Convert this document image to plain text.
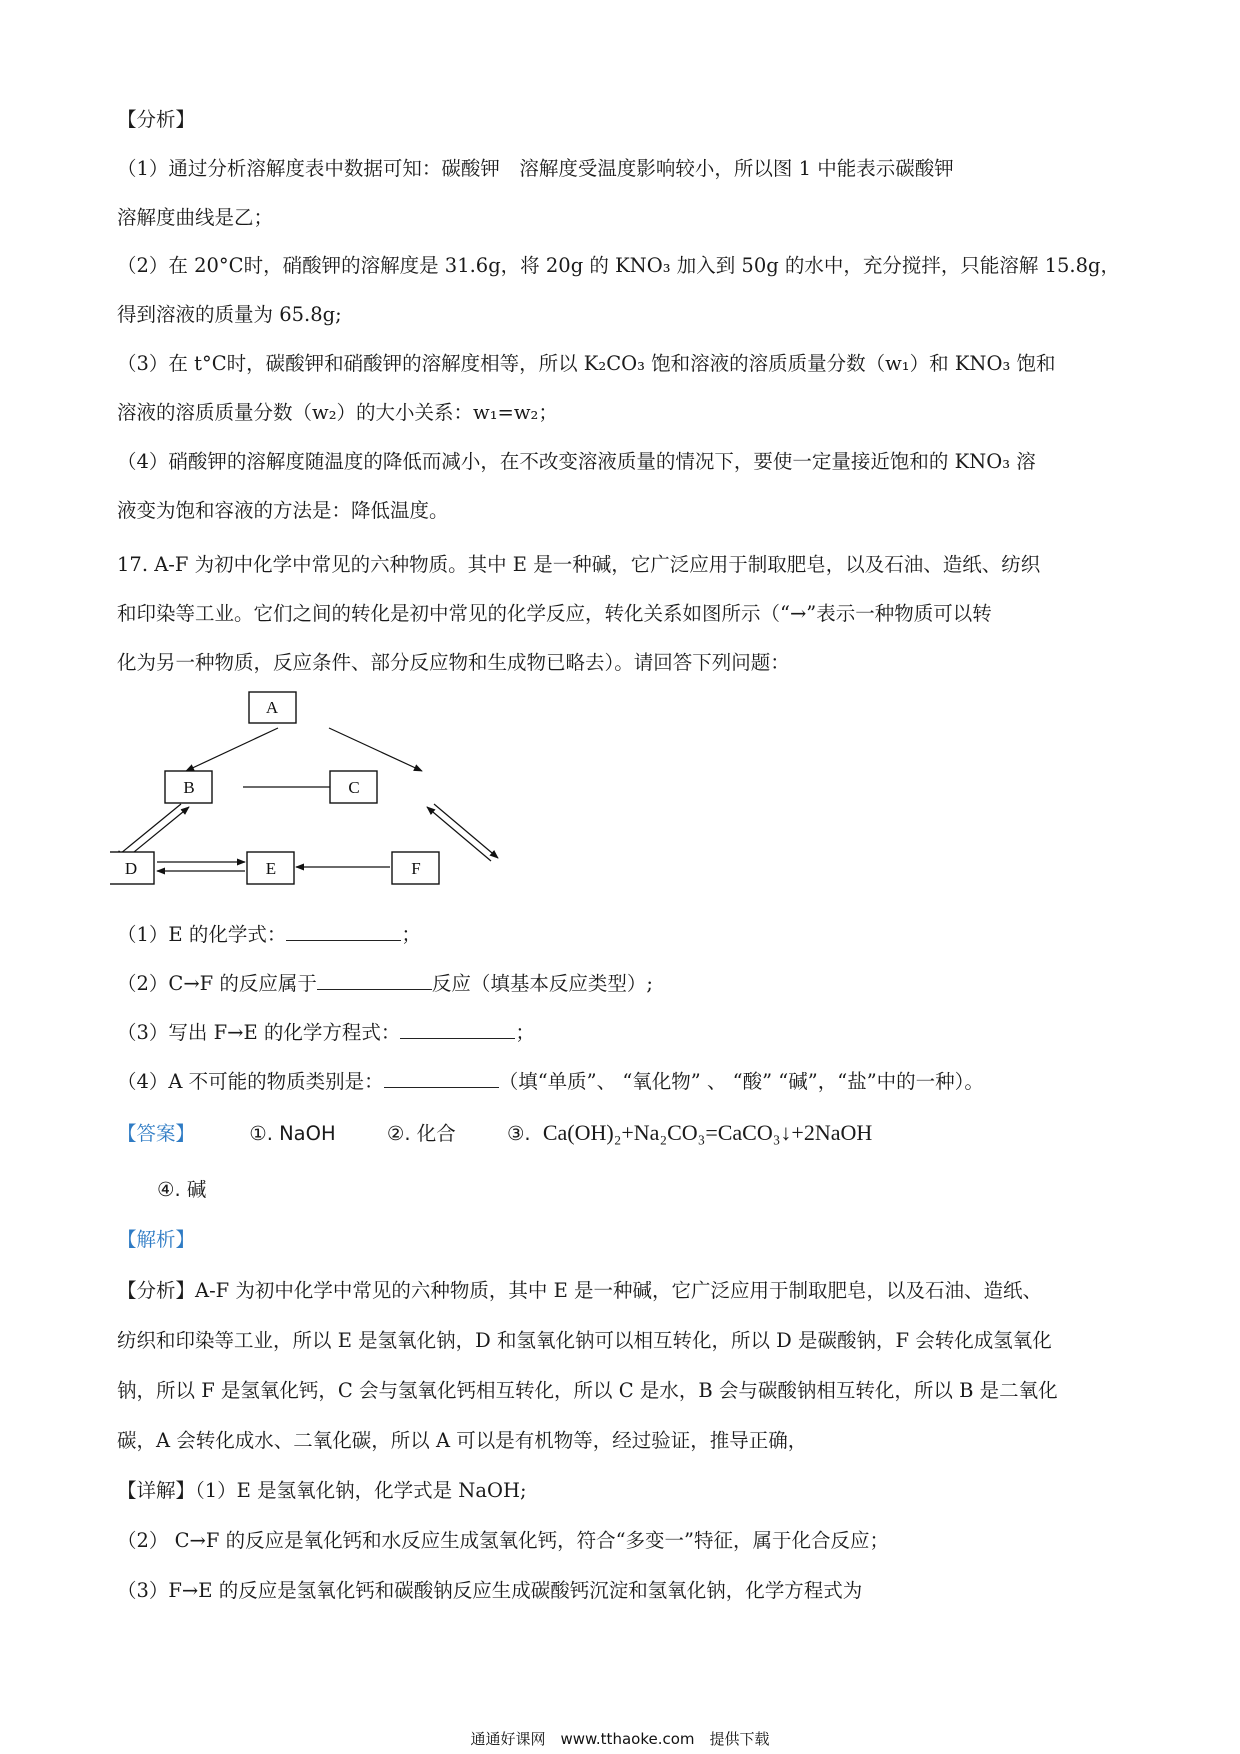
【分析】
（1）通过分析溶解度表中数据可知：碳酸钾　溶解度受温度影响较小，所以图 1 中能表示碳酸钾
溶解度曲线是乙；
（2）在 20°C时，硝酸钾的溶解度是 31.6g，将 20g 的 KNO₃ 加入到 50g 的水中，充分搅拌，只能溶解 15.8g，
得到溶液的质量为 65.8g;
（3）在 t°C时，碳酸钾和硝酸钾的溶解度相等，所以 K₂CO₃ 饱和溶液的溶质质量分数（w₁）和 KNO₃ 饱和
溶液的溶质质量分数（w₂）的大小关系：w₁=w₂；
（4）硝酸钾的溶解度随温度的降低而减小，在不改变溶液质量的情况下，要使一定量接近饱和的 KNO₃ 溶
液变为饱和容液的方法是：降低温度。
17. A-F 为初中化学中常见的六种物质。其中 E 是一种碱，它广泛应用于制取肥皂，以及石油、造纸、纺织
和印染等工业。它们之间的转化是初中常见的化学反应，转化关系如图所示（“→”表示一种物质可以转
化为另一种物质，反应条件、部分反应物和生成物已略去）。请回答下列问题：
A
B	C
D	E	F
（1）E 的化学式：	；
（2）C→F 的反应属于	反应（填基本反应类型）;
（3）写出 F→E 的化学方程式：	；
（4）A 不可能的物质类别是：	（填“单质”、 “氧化物” 、 “酸” “碱”，“盐”中的一种）。
【答案】	①. NaOH	②. 化合	③. Ca(OH)₂+Na₂CO₃=CaCO₃↓+2NaOH
④. 碱
【解析】
【分析】A-F 为初中化学中常见的六种物质，其中 E 是一种碱，它广泛应用于制取肥皂，以及石油、造纸、
纺织和印染等工业，所以 E 是氢氧化钠，D 和氢氧化钠可以相互转化，所以 D 是碳酸钠，F 会转化成氢氧化
钠，所以 F 是氢氧化钙，C 会与氢氧化钙相互转化，所以 C 是水，B 会与碳酸钠相互转化，所以 B 是二氧化
碳，A 会转化成水、二氧化碳，所以 A 可以是有机物等，经过验证，推导正确，
【详解】（1）E 是氢氧化钠，化学式是 NaOH;
（2） C→F 的反应是氧化钙和水反应生成氢氧化钙，符合“多变一”特征，属于化合反应；
（3）F→E 的反应是氢氧化钙和碳酸钠反应生成碳酸钙沉淀和氢氧化钠，化学方程式为
通通好课网　www.tthaoke.com　提供下载
